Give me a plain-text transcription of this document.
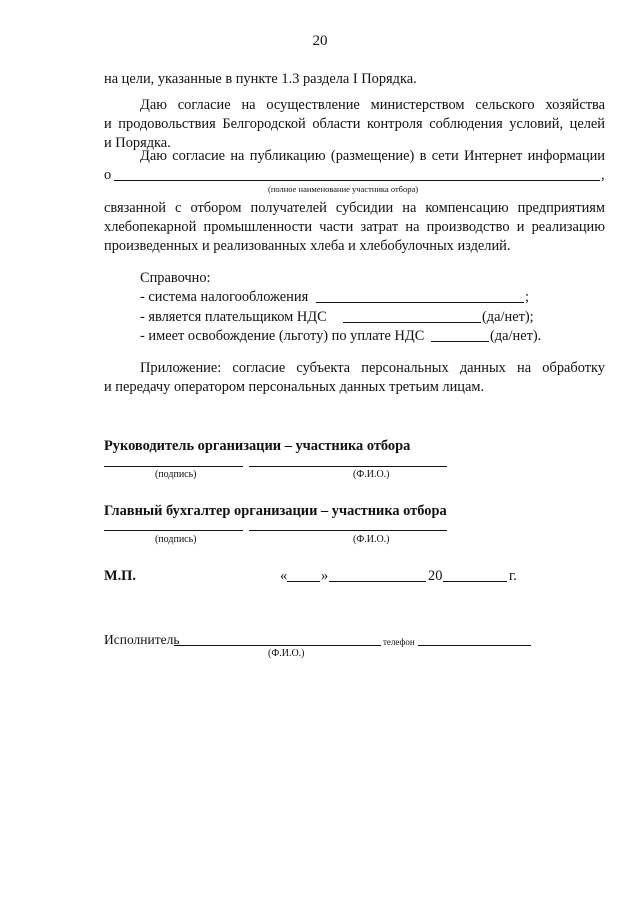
20
на цели, указанные в пункте 1.3 раздела I Порядка.
Даю согласие на осуществление министерством сельского хозяйства
и продовольствия Белгородской области контроля соблюдения условий, целей
и Порядка.
Даю согласие на публикацию (размещение) в сети Интернет информации
о	,
(полное наименование участника отбора)
связанной с отбором получателей субсидии на компенсацию предприятиям
хлебопекарной промышленности части затрат на производство и реализацию
произведенных и реализованных хлеба и хлебобулочных изделий.
Справочно:
- система налогообложения	;
- является плательщиком НДС	(да/нет);
- имеет освобождение (льготу) по уплате НДС	(да/нет).
Приложение: согласие субъекта персональных данных на обработку
и передачу оператором персональных данных третьим лицам.
Руководитель организации – участника отбора
(подпись)	(Ф.И.О.)
Главный бухгалтер организации – участника отбора
(подпись)	(Ф.И.О.)
М.П.	« »	20	г.
Исполнитель	телефон
(Ф.И.О.)
